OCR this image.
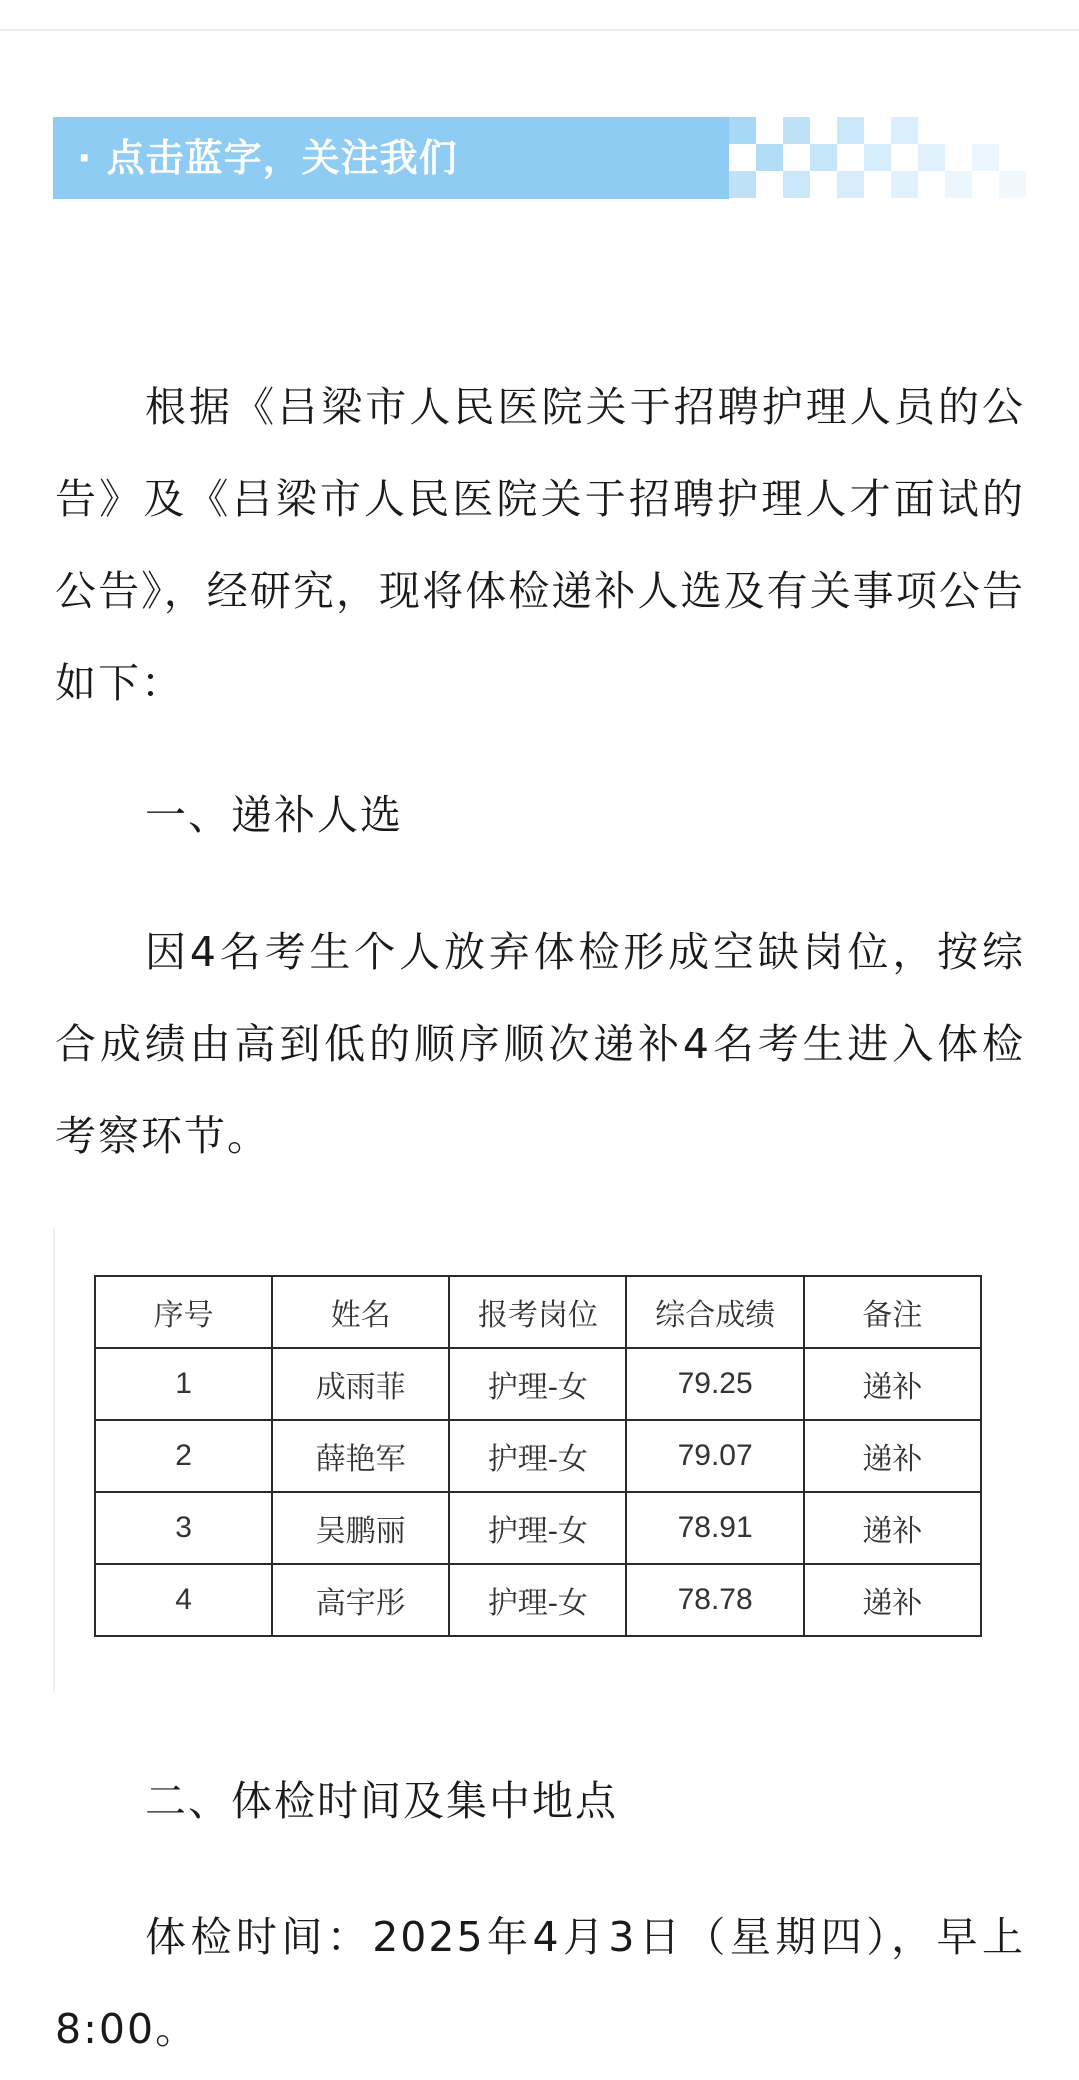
· 点击蓝字，关注我们

根据《吕梁市人民医院关于招聘护理人员的公告》及《吕梁市人民医院关于招聘护理人才面试的公告》，经研究，现将体检递补人选及有关事项公告如下：

一、递补人选

因4名考生个人放弃体检形成空缺岗位，按综合成绩由高到低的顺序顺次递补4名考生进入体检考察环节。

序号	姓名	报考岗位	综合成绩	备注
1	成雨菲	护理-女	79.25	递补
2	薛艳军	护理-女	79.07	递补
3	吴鹏丽	护理-女	78.91	递补
4	高宇彤	护理-女	78.78	递补

二、体检时间及集中地点

体检时间：2025年4月3日（星期四），早上8:00。
